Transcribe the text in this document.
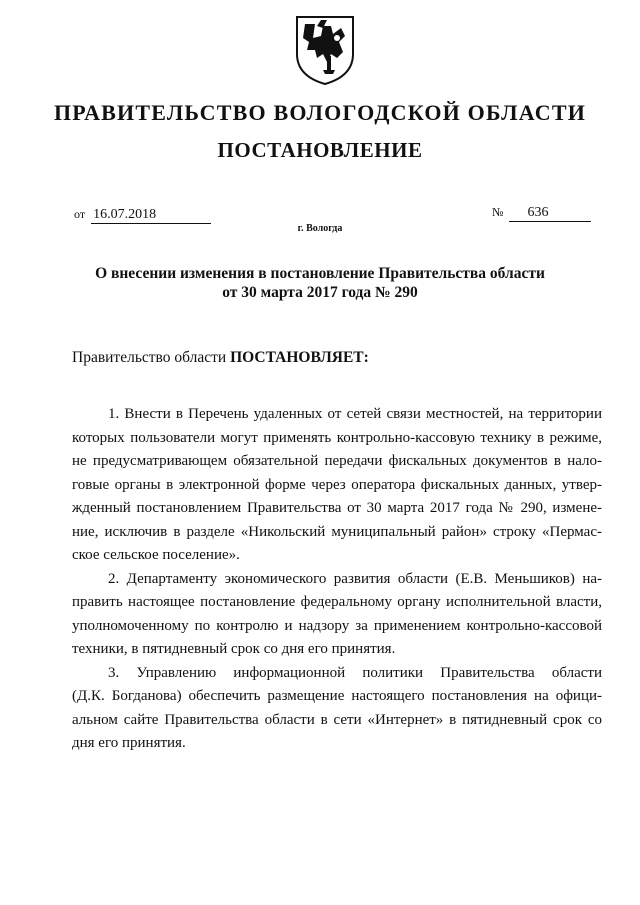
ПРАВИТЕЛЬСТВО ВОЛОГОДСКОЙ ОБЛАСТИ
ПОСТАНОВЛЕНИЕ
от 16.07.2018	№ 636
г. Вологда
О внесении изменения в постановление Правительства области
от 30 марта 2017 года № 290
Правительство области ПОСТАНОВЛЯЕТ:

1. Внести в Перечень удаленных от сетей связи местностей, на территории
которых пользователи могут применять контрольно-кассовую технику в режиме,
не предусматривающем обязательной передачи фискальных документов в нало-
говые органы в электронной форме через оператора фискальных данных, утвер-
жденный постановлением Правительства от 30 марта 2017 года № 290, измене-
ние, исключив в разделе «Никольский муниципальный район» строку «Пермас-
ское сельское поселение».

2. Департаменту экономического развития области (Е.В. Меньшиков) на-
править настоящее постановление федеральному органу исполнительной власти,
уполномоченному по контролю и надзору за применением контрольно-кассовой
техники, в пятидневный срок со дня его принятия.

3. Управлению информационной политики Правительства области
(Д.К. Богданова) обеспечить размещение настоящего постановления на офици-
альном сайте Правительства области в сети «Интернет» в пятидневный срок со
дня его принятия.
